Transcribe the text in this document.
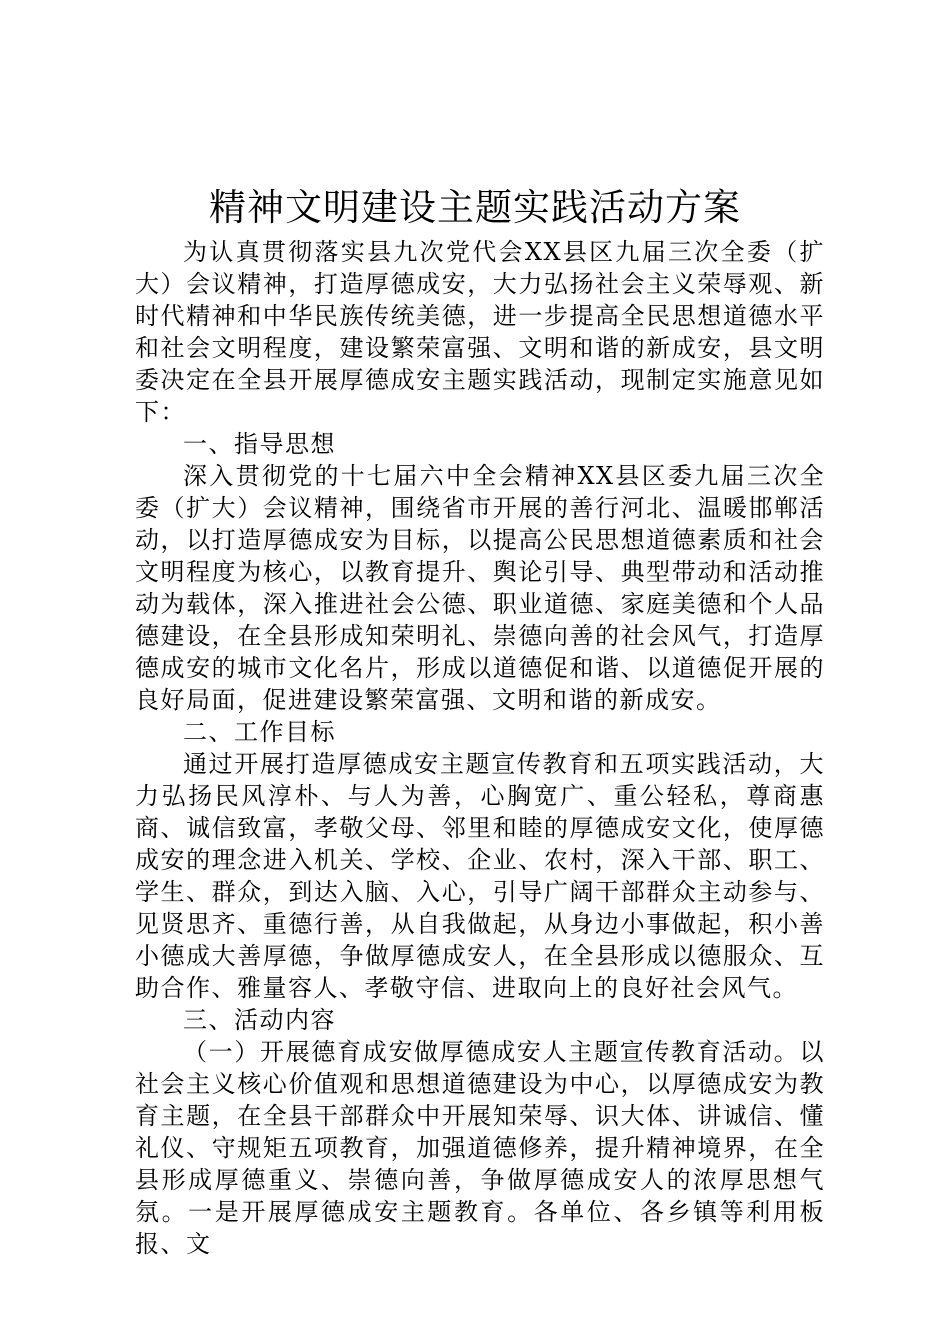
精神文明建设主题实践活动方案

为认真贯彻落实县九次党代会XX县区九届三次全委（扩大）会议精神，打造厚德成安，大力弘扬社会主义荣辱观、新时代精神和中华民族传统美德，进一步提高全民思想道德水平和社会文明程度，建设繁荣富强、文明和谐的新成安，县文明委决定在全县开展厚德成安主题实践活动，现制定实施意见如下：

一、指导思想

深入贯彻党的十七届六中全会精神XX县区委九届三次全委（扩大）会议精神，围绕省市开展的善行河北、温暖邯郸活动，以打造厚德成安为目标，以提高公民思想道德素质和社会文明程度为核心，以教育提升、舆论引导、典型带动和活动推动为载体，深入推进社会公德、职业道德、家庭美德和个人品德建设，在全县形成知荣明礼、崇德向善的社会风气，打造厚德成安的城市文化名片，形成以道德促和谐、以道德促开展的良好局面，促进建设繁荣富强、文明和谐的新成安。

二、工作目标

通过开展打造厚德成安主题宣传教育和五项实践活动，大力弘扬民风淳朴、与人为善，心胸宽广、重公轻私，尊商惠商、诚信致富，孝敬父母、邻里和睦的厚德成安文化，使厚德成安的理念进入机关、学校、企业、农村，深入干部、职工、学生、群众，到达入脑、入心，引导广阔干部群众主动参与、见贤思齐、重德行善，从自我做起，从身边小事做起，积小善小德成大善厚德，争做厚德成安人，在全县形成以德服众、互助合作、雅量容人、孝敬守信、进取向上的良好社会风气。

三、活动内容

（一）开展德育成安做厚德成安人主题宣传教育活动。以社会主义核心价值观和思想道德建设为中心，以厚德成安为教育主题，在全县干部群众中开展知荣辱、识大体、讲诚信、懂礼仪、守规矩五项教育，加强道德修养，提升精神境界，在全县形成厚德重义、崇德向善，争做厚德成安人的浓厚思想气氛。一是开展厚德成安主题教育。各单位、各乡镇等利用板报、文
